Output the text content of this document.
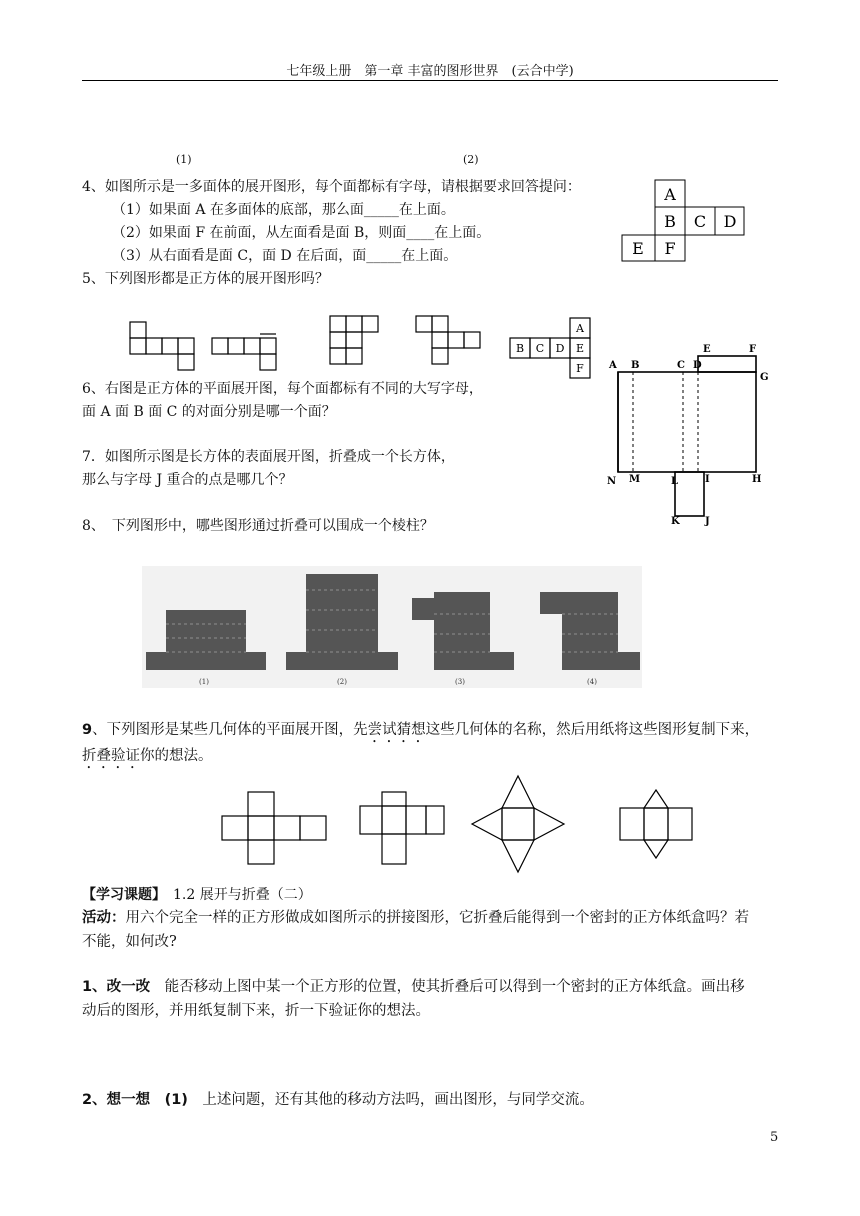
七年级上册　第一章 丰富的图形世界　(云合中学)
(1)	(2)
4、如图所示是一多面体的展开图形，每个面都标有字母，请根据要求回答提问：
（1）如果面 A 在多面体的底部，那么面_____在上面。
（2）如果面 F 在前面，从左面看是面 B，则面____在上面。
（3）从右面看是面 C，面 D 在后面，面_____在上面。
A
B C D
E F
5、下列图形都是正方体的展开图形吗？
B C D
A
E
F
6、右图是正方体的平面展开图，每个面都标有不同的大写字母，
面 A 面 B 面 C 的对面分别是哪一个面？
7．如图所示图是长方体的表面展开图，折叠成一个长方体，
那么与字母 J 重合的点是哪几个？
A B	C D
E	F
G
H
I
J
K
L
M
N
8、　下列图形中，哪些图形通过折叠可以围成一个棱柱？
(1)	(2)	(3)	(4)
9、下列图形是某些几何体的平面展开图，先尝试猜想这些几何体的名称，然后用纸将这些图形复制下来，
折叠验证你的想法。
【学习课题】　1.2 展开与折叠（二）
活动：用六个完全一样的正方形做成如图所示的拼接图形，它折叠后能得到一个密封的正方体纸盒吗？若
不能，如何改?
1、改一改　能否移动上图中某一个正方形的位置，使其折叠后可以得到一个密封的正方体纸盒。画出移
动后的图形，并用纸复制下来，折一下验证你的想法。
2、想一想　(1)　上述问题，还有其他的移动方法吗，画出图形，与同学交流。
5
